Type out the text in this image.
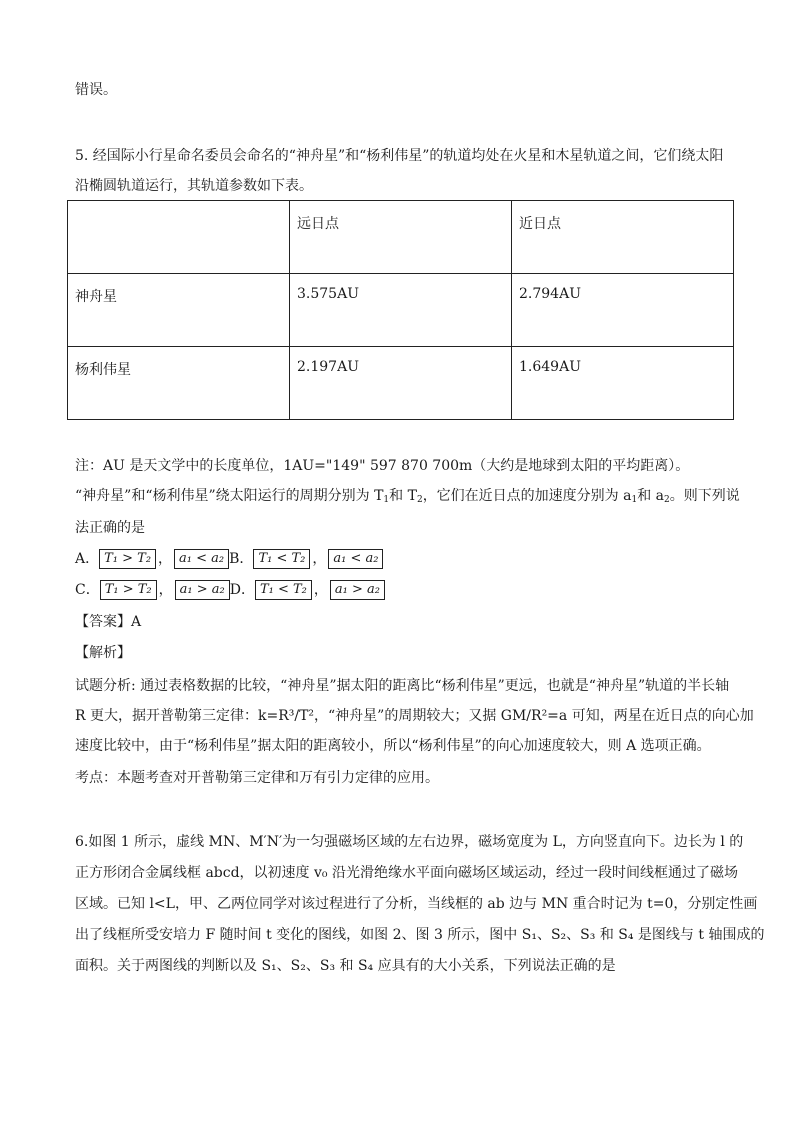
错误。
5. 经国际小行星命名委员会命名的“神舟星”和“杨利伟星”的轨道均处在火星和木星轨道之间，它们绕太阳
沿椭圆轨道运行，其轨道参数如下表。
	远日点	近日点
神舟星	3.575AU	2.794AU
杨利伟星	2.197AU	1.649AU
注：AU 是天文学中的长度单位，1AU="149" 597 870 700m（大约是地球到太阳的平均距离）。
“神舟星”和“杨利伟星”绕太阳运行的周期分别为 $T_1$和 $T_2$，它们在近日点的加速度分别为 $a_1$和 $a_2$。则下列说
法正确的是
A． T₁ > T₂ ， a₁ < a₂ B． T₁ < T₂ ， a₁ < a₂
C． T₁ > T₂ ， a₁ > a₂ D． T₁ < T₂ ， a₁ > a₂
【答案】A
【解析】
试题分析: 通过表格数据的比较，“神舟星”据太阳的距离比“杨利伟星”更远，也就是“神舟星”轨道的半长轴
R 更大，据开普勒第三定律：k=R³/T²，“神舟星”的周期较大；又据 GM/R²=a 可知，两星在近日点的向心加
速度比较中，由于“杨利伟星”据太阳的距离较小，所以“杨利伟星”的向心加速度较大，则 A 选项正确。
考点：本题考查对开普勒第三定律和万有引力定律的应用。
6.如图 1 所示，虚线 MN、M′N′为一匀强磁场区域的左右边界，磁场宽度为 L，方向竖直向下。边长为 l 的
正方形闭合金属线框 abcd，以初速度 v₀ 沿光滑绝缘水平面向磁场区域运动，经过一段时间线框通过了磁场
区域。已知 l<L，甲、乙两位同学对该过程进行了分析，当线框的 ab 边与 MN 重合时记为 t=0，分别定性画
出了线框所受安培力 F 随时间 t 变化的图线，如图 2、图 3 所示，图中 S₁、S₂、S₃ 和 S₄ 是图线与 t 轴围成的
面积。关于两图线的判断以及 S₁、S₂、S₃ 和 S₄ 应具有的大小关系，下列说法正确的是
